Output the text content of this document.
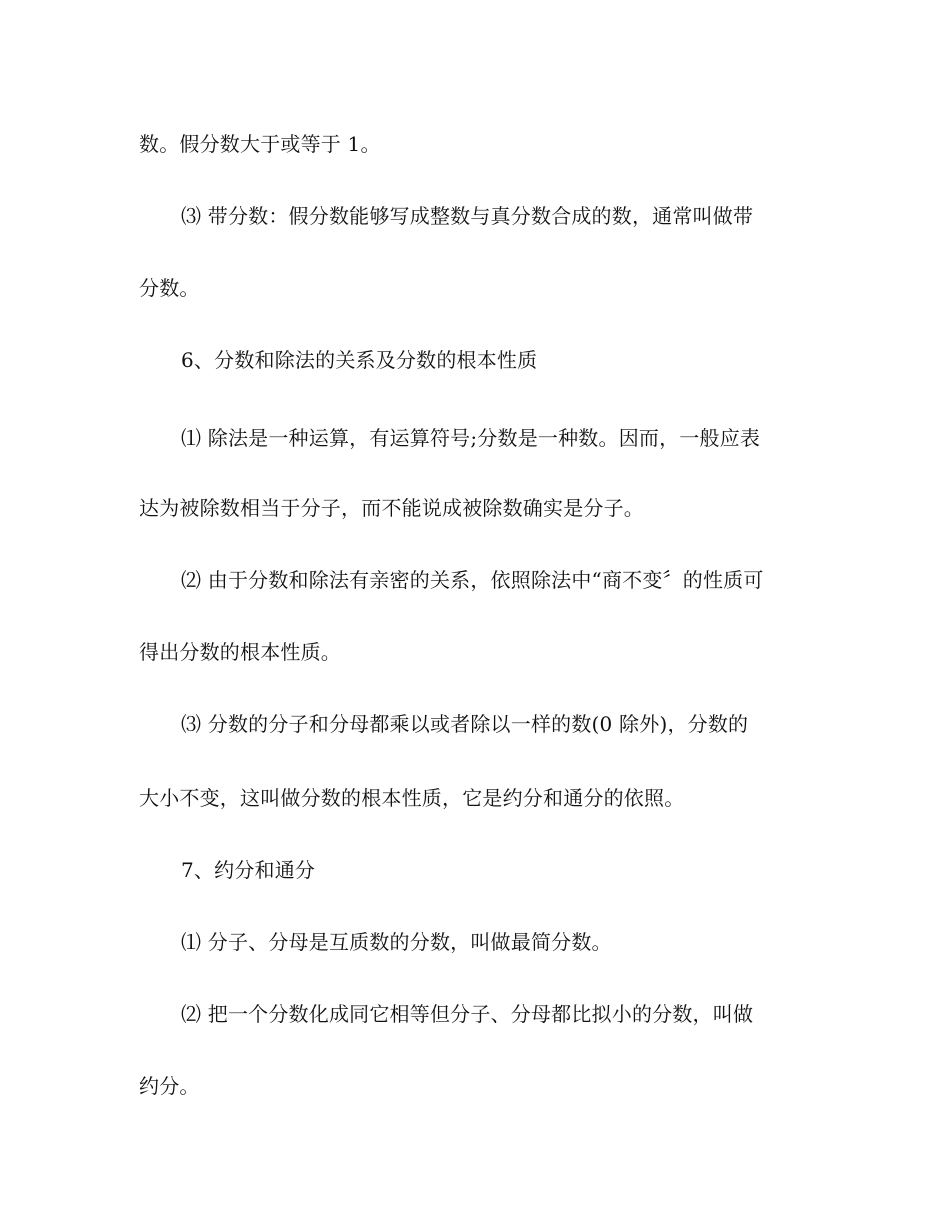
数。假分数大于或等于 1。

⑶ 带分数：假分数能够写成整数与真分数合成的数，通常叫做带

分数。

6、分数和除法的关系及分数的根本性质

⑴ 除法是一种运算，有运算符号;分数是一种数。因而，一般应表

达为被除数相当于分子，而不能说成被除数确实是分子。

⑵ 由于分数和除法有亲密的关系，依照除法中“商不变〞的性质可

得出分数的根本性质。

⑶ 分数的分子和分母都乘以或者除以一样的数(0 除外)，分数的

大小不变，这叫做分数的根本性质，它是约分和通分的依照。

7、约分和通分

⑴ 分子、分母是互质数的分数，叫做最简分数。

⑵ 把一个分数化成同它相等但分子、分母都比拟小的分数，叫做

约分。
